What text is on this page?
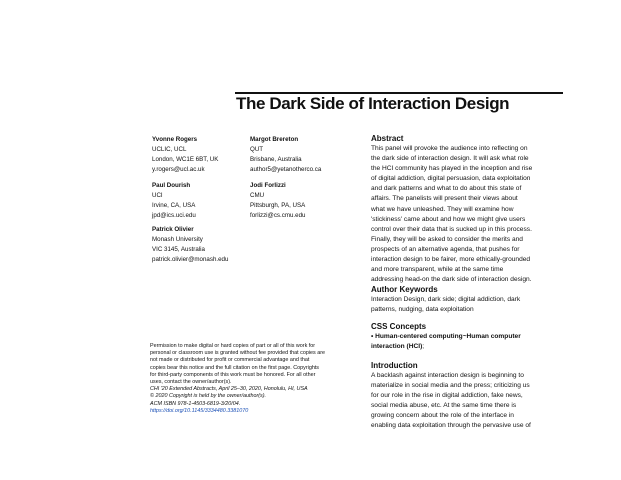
The Dark Side of Interaction Design
Yvonne Rogers
UCLIC, UCL
London, WC1E 6BT, UK
y.rogers@ucl.ac.uk
Paul Dourish
UCI
Irvine, CA, USA
jpd@ics.uci.edu
Patrick Olivier
Monash University
VIC 3145, Australia
patrick.olivier@monash.edu
Margot Brereton
QUT
Brisbane, Australia
author5@yetanotherco.ca
Jodi Forlizzi
CMU
Pittsburgh, PA, USA
forlizzi@cs.cmu.edu
Permission to make digital or hard copies of part or all of this work for
personal or classroom use is granted without fee provided that copies are
not made or distributed for profit or commercial advantage and that
copies bear this notice and the full citation on the first page. Copyrights
for third-party components of this work must be honored. For all other
uses, contact the owner/author(s).
CHI '20 Extended Abstracts, April 25–30, 2020, Honolulu, HI, USA
© 2020 Copyright is held by the owner/author(s).
ACM ISBN 978-1-4503-6819-3/20/04.
https://doi.org/10.1145/3334480.3381070
Abstract
This panel will provoke the audience into reflecting on
the dark side of interaction design. It will ask what role
the HCI community has played in the inception and rise
of digital addiction, digital persuasion, data exploitation
and dark patterns and what to do about this state of
affairs. The panelists will present their views about
what we have unleashed. They will examine how
'stickiness' came about and how we might give users
control over their data that is sucked up in this process.
Finally, they will be asked to consider the merits and
prospects of an alternative agenda, that pushes for
interaction design to be fairer, more ethically-grounded
and more transparent, while at the same time
addressing head-on the dark side of interaction design.
Author Keywords
Interaction Design, dark side; digital addiction, dark
patterns, nudging, data exploitation
CSS Concepts
• Human-centered computing~Human computer
interaction (HCI);
Introduction
A backlash against interaction design is beginning to
materialize in social media and the press; criticizing us
for our role in the rise in digital addiction, fake news,
social media abuse, etc. At the same time there is
growing concern about the role of the interface in
enabling data exploitation through the pervasive use of
